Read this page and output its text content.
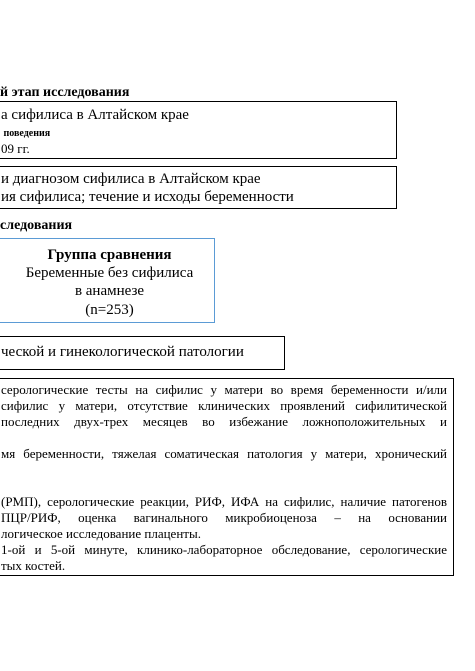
й этап исследования
а сифилиса в Алтайском крае
поведения
09 гг.
и диагнозом сифилиса в Алтайском крае
ия сифилиса; течение и исходы беременности
следования
Группа сравнения
Беременные без сифилиса
в анамнезе
(n=253)
ческой и гинекологической патологии
серологические тесты на сифилис у матери во время беременности и/или
сифилис у матери, отсутствие клинических проявлений сифилитической
последних двух-трех месяцев во избежание ложноположительных и
мя беременности, тяжелая соматическая патология у матери, хронический
(РМП), серологические реакции, РИФ, ИФА на сифилис, наличие патогенов
ПЦР/РИФ, оценка вагинального микробиоценоза – на основании
логическое исследование плаценты.
1-ой и 5-ой минуте, клинико-лабораторное обследование, серологические
тых костей.
